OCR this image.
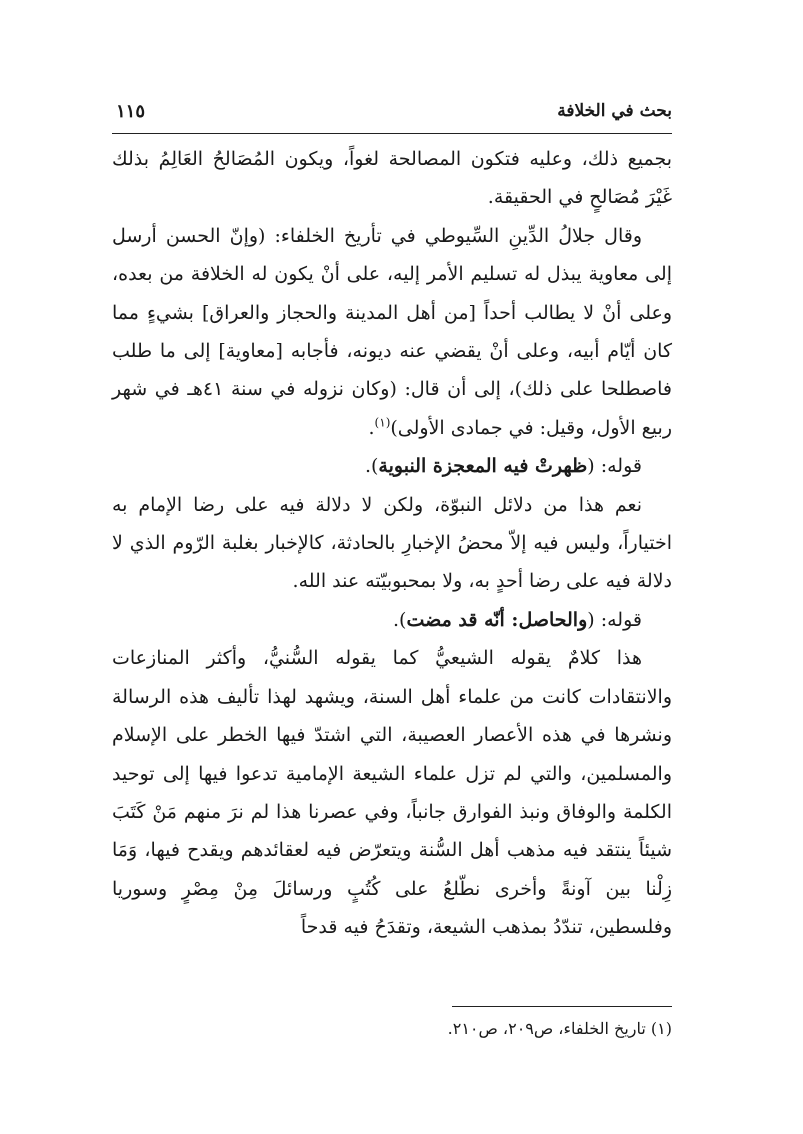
بحث في الخلافة
١١٥

بجميع ذلك، وعليه فتكون المصالحة لغواً، ويكون المُصَالحُ العَالِمُ بذلك غَيْرَ مُصَالحٍ في الحقيقة.

وقال جلالُ الدِّينِ السِّيوطي في تأريخ الخلفاء: (وإنّ الحسن أرسل إلى معاوية يبذل له تسليم الأمر إليه، على أنْ يكون له الخلافة من بعده، وعلى أنْ لا يطالب أحداً [من أهل المدينة والحجاز والعراق] بشيءٍ مما كان أيّام أبيه، وعلى أنْ يقضي عنه ديونه، فأجابه [معاوية] إلى ما طلب فاصطلحا على ذلك)، إلى أن قال: (وكان نزوله في سنة ٤١هـ في شهر ربيع الأول، وقيل: في جمادى الأولى)$^{(١)}$.

قوله: (ظهرتْ فيه المعجزة النبوية).

نعم هذا من دلائل النبوّة، ولكن لا دلالة فيه على رضا الإمام به اختياراً، وليس فيه إلاّ محضُ الإخبارِ بالحادثة، كالإخبار بغلبة الرّوم الذي لا دلالة فيه على رضا أحدٍ به، ولا بمحبوبيّته عند الله.

قوله: (والحاصل: أنّه قد مضت).

هذا كلامٌ يقوله الشيعيُّ كما يقوله السُّنيُّ، وأكثر المنازعات والانتقادات كانت من علماء أهل السنة، ويشهد لهذا تأليف هذه الرسالة ونشرها في هذه الأعصار العصيبة، التي اشتدّ فيها الخطر على الإسلام والمسلمين، والتي لم تزل علماء الشيعة الإمامية تدعوا فيها إلى توحيد الكلمة والوفاق ونبذ الفوارق جانباً، وفي عصرنا هذا لم نرَ منهم مَنْ كَتَبَ شيئاً ينتقد فيه مذهب أهل السُّنة ويتعرّض فيه لعقائدهم ويقدح فيها، وَمَا زِلْنا بين آونةً وأخرى نطّلعُ على كُتُبٍ ورسائلَ مِنْ مِصْرٍ وسوريا وفلسطين، تندّدُ بمذهب الشيعة، وتقدَحُ فيه قدحاً

(١) تاريخ الخلفاء، ص٢٠٩، ص٢١٠.
